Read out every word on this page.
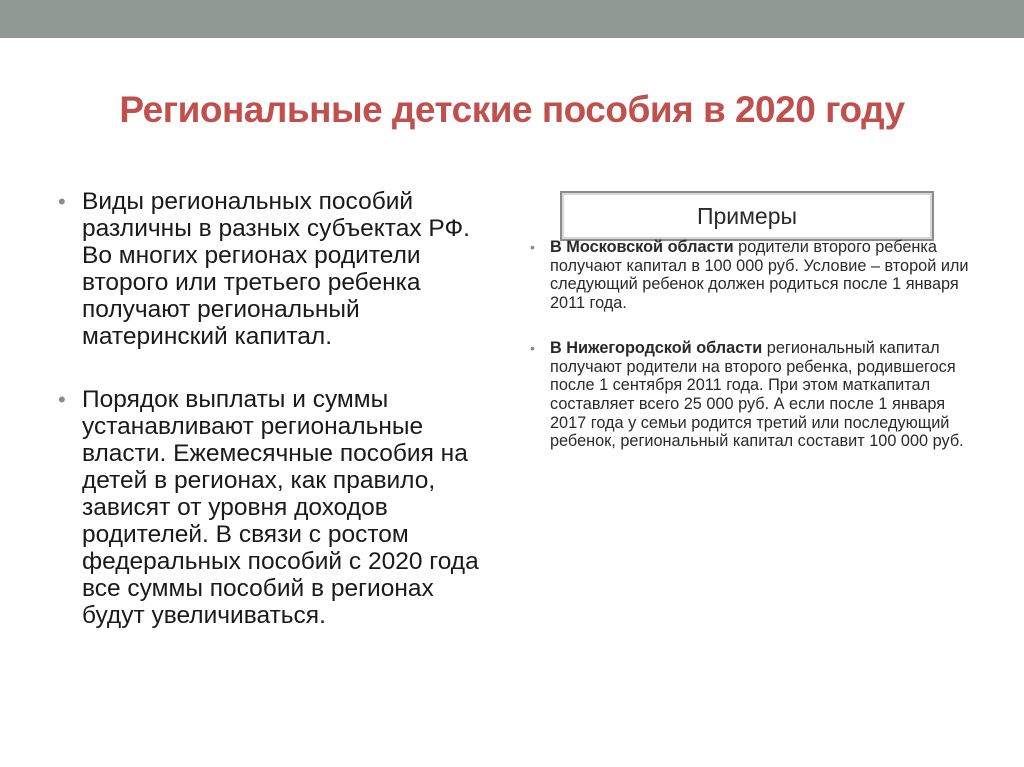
Региональные детские пособия в 2020 году
• Виды региональных пособий различны в разных субъектах РФ. Во многих регионах родители второго или третьего ребенка получают региональный материнский капитал.
• Порядок выплаты и суммы устанавливают региональные власти. Ежемесячные пособия на детей в регионах, как правило, зависят от уровня доходов родителей. В связи с ростом федеральных пособий с 2020 года все суммы пособий в регионах будут увеличиваться.
Примеры
• В Московской области родители второго ребенка получают капитал в 100 000 руб. Условие – второй или следующий ребенок должен родиться после 1 января 2011 года.
• В Нижегородской области региональный капитал получают родители на второго ребенка, родившегося после 1 сентября 2011 года. При этом маткапитал составляет всего 25 000 руб. А если после 1 января 2017 года у семьи родится третий или последующий ребенок, региональный капитал составит 100 000 руб.
